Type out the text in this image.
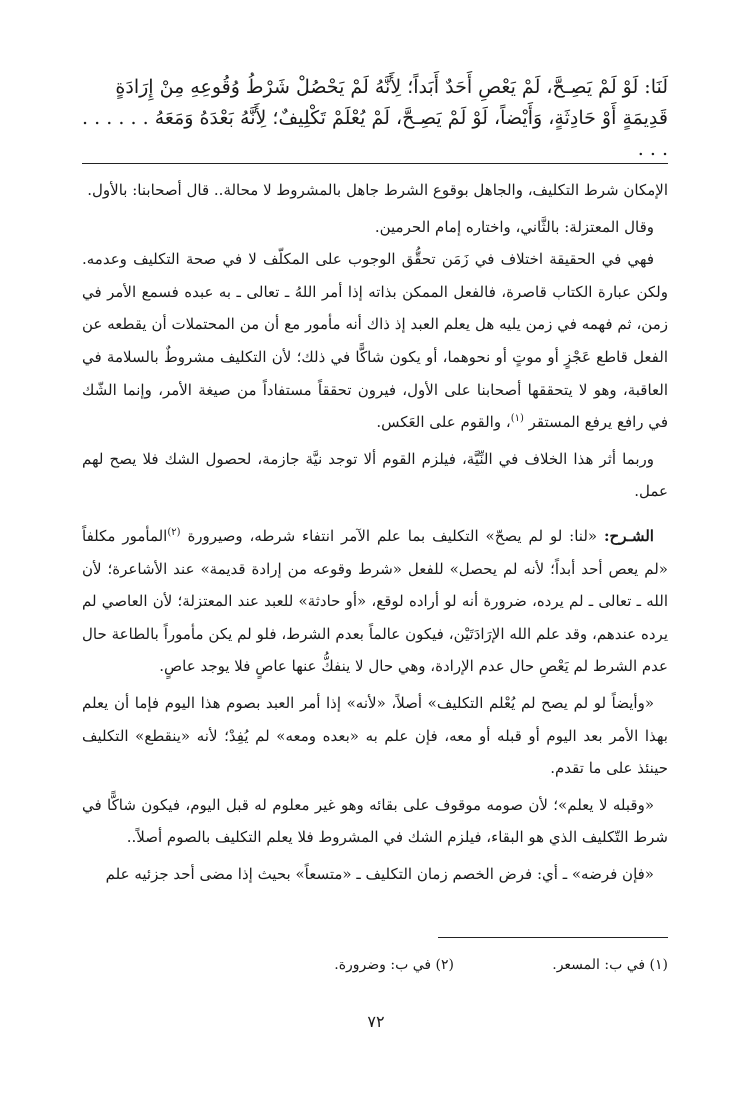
لَنَا: لَوْ لَمْ يَصِـحَّ، لَمْ يَعْصِ أَحَدٌ أَبَداً؛ لِأَنَّهُ لَمْ يَحْصُلْ شَرْطُ وُقُوعِهِ مِنْ إِرَادَةٍ

قَدِيمَةٍ أَوْ حَادِثَةٍ، وَأَيْضاً، لَوْ لَمْ يَصِـحَّ، لَمْ يُعْلَمْ تَكْلِيفٌ؛ لِأَنَّهُ بَعْدَهُ وَمَعَهُ . . . . . . . . .

الإمكان شرط التكليف، والجاهل بوقوع الشرط جاهل بالمشروط لا محالة.. قال أصحابنا: بالأول.

وقال المعتزلة: بالثَّاني، واختاره إمام الحرمين.

فهي في الحقيقة اختلاف في زَمَن تحقُّق الوجوب على المكلّف لا في صحة التكليف وعدمه. ولكن عبارة الكتاب قاصرة، فالفعل الممكن بذاته إذا أمر اللهُ ـ تعالى ـ به عبده فسمع الأمر في زمن، ثم فهمه في زمن يليه هل يعلم العبد إذ ذاك أنه مأمور مع أن من المحتملات أن يقطعه عن الفعل قاطع عَجْزٍ أو موتٍ أو نحوهما، أو يكون شاكًّا في ذلك؛ لأن التكليف مشروطٌ بالسلامة في العاقبة، وهو لا يتحققها أصحابنا على الأول، فيرون تحققاً مستفاداً من صيغة الأمر، وإنما الشّك في رافع يرفع المستقر $^{(١)}$، والقوم على العَكس.

وربما أثر هذا الخلاف في النِّيَّة، فيلزم القوم ألا توجد نيَّة جازمة، لحصول الشك فلا يصح لهم عمل.

الشـرح: «لنا: لو لم يصحّ» التكليف بما علم الآمر انتفاء شرطه، وصيرورة $^{(٢)}$المأمور مكلفاً «لم يعص أحد أبداً؛ لأنه لم يحصل» للفعل «شرط وقوعه من إرادة قديمة» عند الأشاعرة؛ لأن الله ـ تعالى ـ لم يرده، ضرورة أنه لو أراده لوقع، «أو حادثة» للعبد عند المعتزلة؛ لأن العاصي لم يرده عندهم، وقد علم الله الإرَادَتَيْن، فيكون عالماً بعدم الشرط، فلو لم يكن مأموراً بالطاعة حال عدم الشرط لم يَعْصِ حال عدم الإرادة، وهي حال لا ينفكُّ عنها عاصٍ فلا يوجد عاصٍ.

«وأيضاً لو لم يصح لم يُعْلم التكليف» أصلاً، «لأنه» إذا أمر العبد بصوم هذا اليوم فإما أن يعلم بهذا الأمر بعد اليوم أو قبله أو معه، فإن علم به «بعده ومعه» لم يُفِدْ؛ لأنه «ينقطع» التكليف حينئذ على ما تقدم.

«وقبله لا يعلم»؛ لأن صومه موقوف على بقائه وهو غير معلوم له قبل اليوم، فيكون شاكًّا في شرط التّكليف الذي هو البقاء، فيلزم الشك في المشروط فلا يعلم التكليف بالصوم أصلاً..

«فإن فرضه» ـ أي: فرض الخصم زمان التكليف ـ «متسعاً» بحيث إذا مضى أحد جزئيه علم

(١) في ب: المسعر.
(٢) في ب: وضرورة.
٧٢
